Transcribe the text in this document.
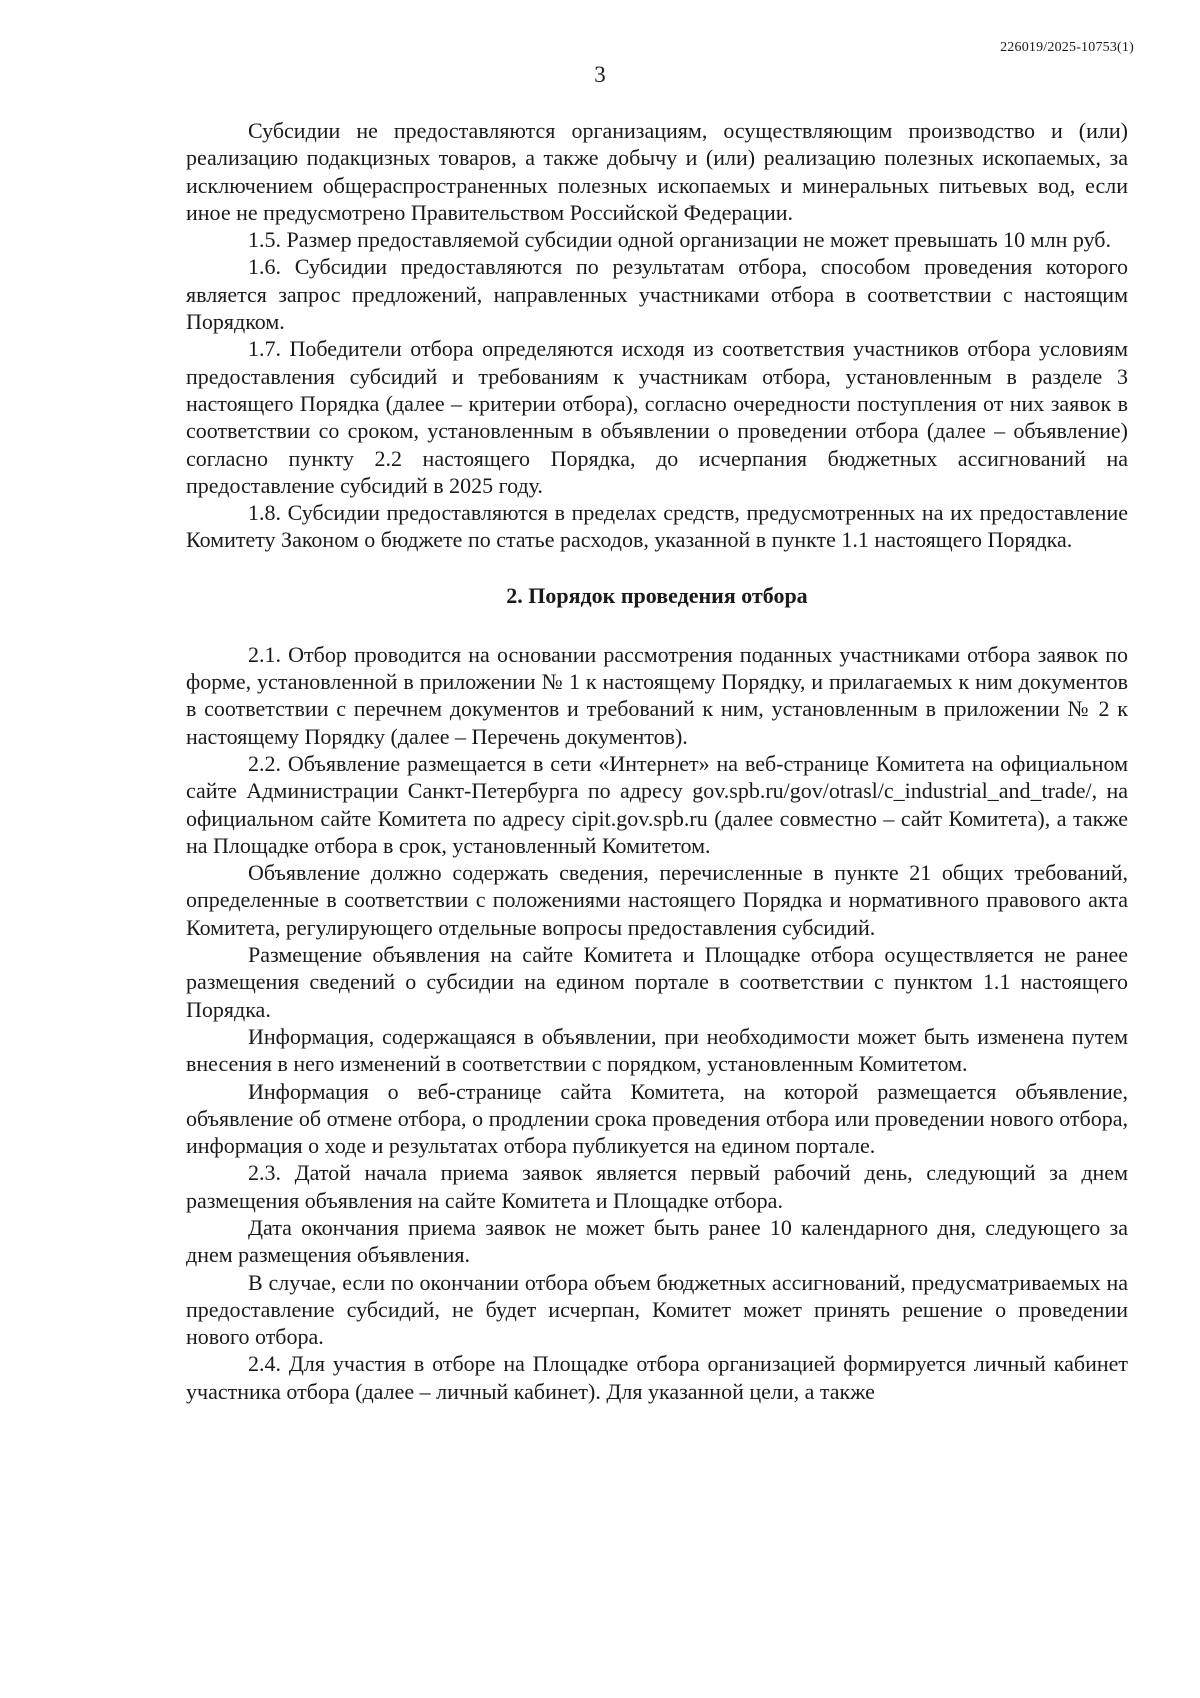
226019/2025-10753(1)
3

Субсидии не предоставляются организациям, осуществляющим производство и (или) реализацию подакцизных товаров, а также добычу и (или) реализацию полезных ископаемых, за исключением общераспространенных полезных ископаемых и минеральных питьевых вод, если иное не предусмотрено Правительством Российской Федерации.

1.5. Размер предоставляемой субсидии одной организации не может превышать 10 млн руб.

1.6. Субсидии предоставляются по результатам отбора, способом проведения которого является запрос предложений, направленных участниками отбора в соответствии с настоящим Порядком.

1.7. Победители отбора определяются исходя из соответствия участников отбора условиям предоставления субсидий и требованиям к участникам отбора, установленным в разделе 3 настоящего Порядка (далее – критерии отбора), согласно очередности поступления от них заявок в соответствии со сроком, установленным в объявлении о проведении отбора (далее – объявление) согласно пункту 2.2 настоящего Порядка, до исчерпания бюджетных ассигнований на предоставление субсидий в 2025 году.

1.8. Субсидии предоставляются в пределах средств, предусмотренных на их предоставление Комитету Законом о бюджете по статье расходов, указанной в пункте 1.1 настоящего Порядка.

2. Порядок проведения отбора

2.1. Отбор проводится на основании рассмотрения поданных участниками отбора заявок по форме, установленной в приложении № 1 к настоящему Порядку, и прилагаемых к ним документов в соответствии с перечнем документов и требований к ним, установленным в приложении № 2 к настоящему Порядку (далее – Перечень документов).

2.2. Объявление размещается в сети «Интернет» на веб-странице Комитета на официальном сайте Администрации Санкт-Петербурга по адресу gov.spb.ru/gov/otrasl/c_industrial_and_trade/, на официальном сайте Комитета по адресу cipit.gov.spb.ru (далее совместно – сайт Комитета), а также на Площадке отбора в срок, установленный Комитетом.

Объявление должно содержать сведения, перечисленные в пункте 21 общих требований, определенные в соответствии с положениями настоящего Порядка и нормативного правового акта Комитета, регулирующего отдельные вопросы предоставления субсидий.

Размещение объявления на сайте Комитета и Площадке отбора осуществляется не ранее размещения сведений о субсидии на едином портале в соответствии с пунктом 1.1 настоящего Порядка.

Информация, содержащаяся в объявлении, при необходимости может быть изменена путем внесения в него изменений в соответствии с порядком, установленным Комитетом.

Информация о веб-странице сайта Комитета, на которой размещается объявление, объявление об отмене отбора, о продлении срока проведения отбора или проведении нового отбора, информация о ходе и результатах отбора публикуется на едином портале.

2.3. Датой начала приема заявок является первый рабочий день, следующий за днем размещения объявления на сайте Комитета и Площадке отбора.

Дата окончания приема заявок не может быть ранее 10 календарного дня, следующего за днем размещения объявления.

В случае, если по окончании отбора объем бюджетных ассигнований, предусматриваемых на предоставление субсидий, не будет исчерпан, Комитет может принять решение о проведении нового отбора.

2.4. Для участия в отборе на Площадке отбора организацией формируется личный кабинет участника отбора (далее – личный кабинет). Для указанной цели, а также
